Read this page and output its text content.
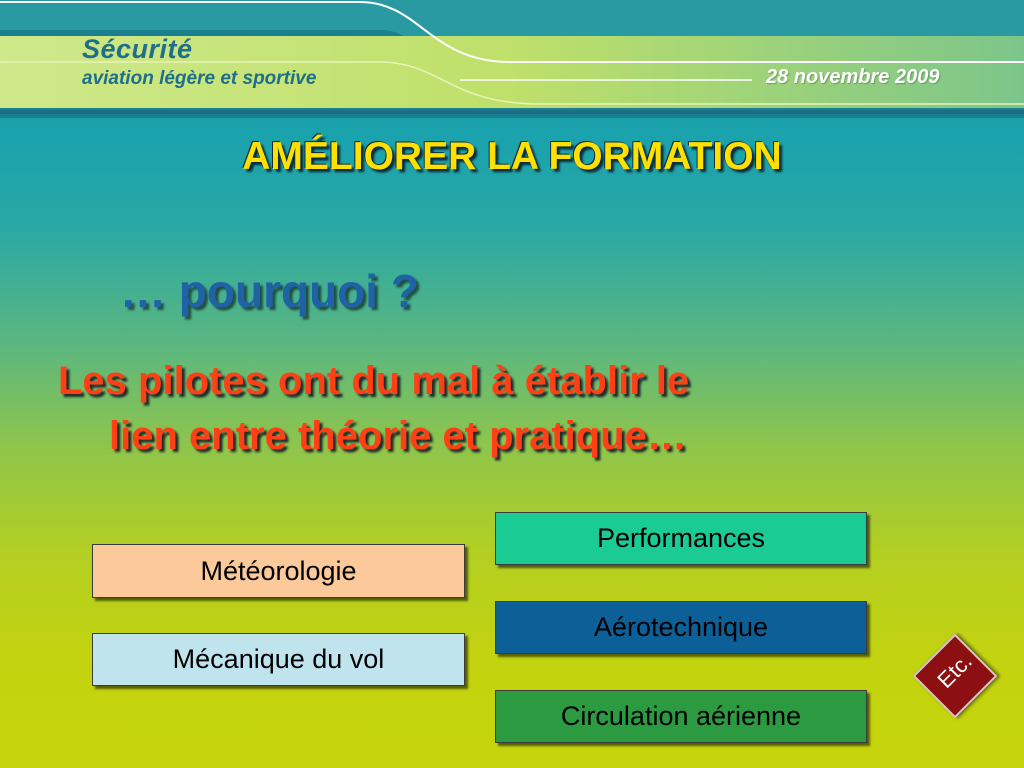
Sécurité

aviation légère et sportive	28 novembre 2009

AMÉLIORER LA FORMATION

… pourquoi ?

Les pilotes ont du mal à établir le
lien entre théorie et pratique…

Météorologie
Mécanique du vol
Performances
Aérotechnique
Circulation aérienne

Etc.
